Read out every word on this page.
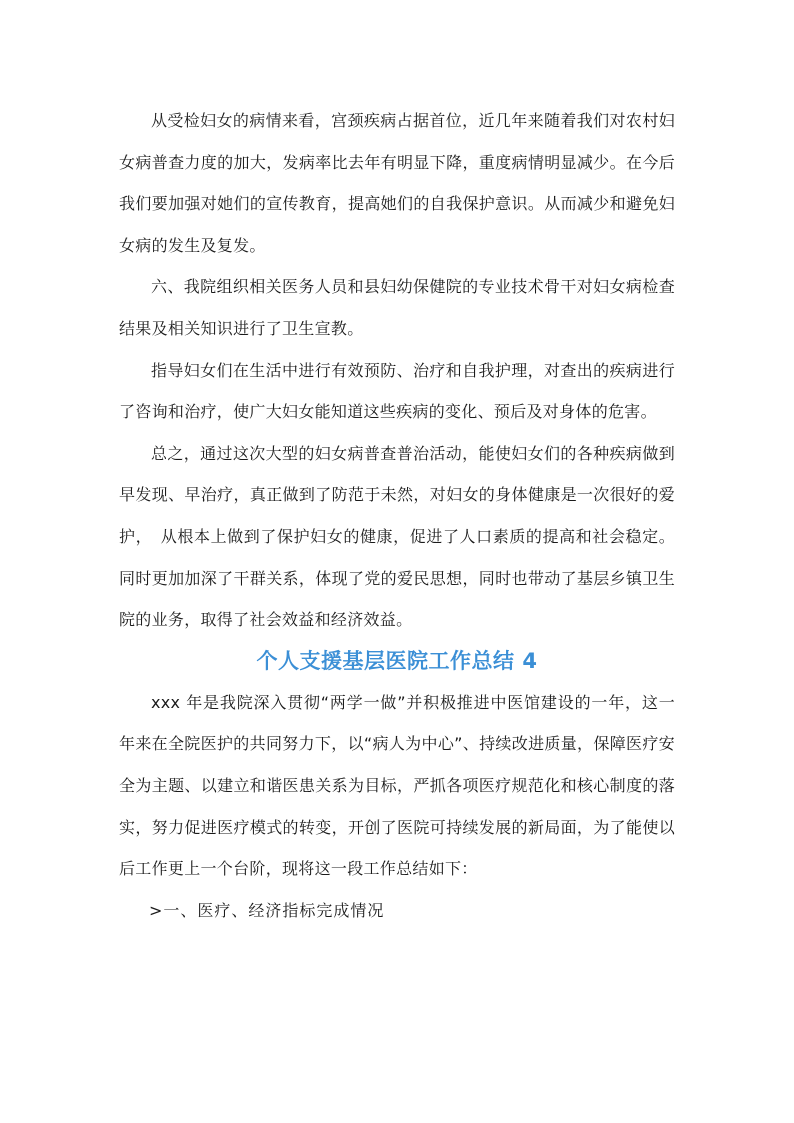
从受检妇女的病情来看，宫颈疾病占据首位，近几年来随着我们对农村妇女病普查力度的加大，发病率比去年有明显下降，重度病情明显减少。在今后我们要加强对她们的宣传教育，提高她们的自我保护意识。从而减少和避免妇女病的发生及复发。

六、我院组织相关医务人员和县妇幼保健院的专业技术骨干对妇女病检查结果及相关知识进行了卫生宣教。

指导妇女们在生活中进行有效预防、治疗和自我护理，对查出的疾病进行了咨询和治疗，使广大妇女能知道这些疾病的变化、预后及对身体的危害。

总之，通过这次大型的妇女病普查普治活动，能使妇女们的各种疾病做到早发现、早治疗，真正做到了防范于未然，对妇女的身体健康是一次很好的爱护，　从根本上做到了保护妇女的健康，促进了人口素质的提高和社会稳定。同时更加加深了干群关系，体现了党的爱民思想，同时也带动了基层乡镇卫生院的业务，取得了社会效益和经济效益。

个人支援基层医院工作总结 4

xxx 年是我院深入贯彻“两学一做”并积极推进中医馆建设的一年，这一年来在全院医护的共同努力下，以“病人为中心”、持续改进质量，保障医疗安全为主题、以建立和谐医患关系为目标，严抓各项医疗规范化和核心制度的落实，努力促进医疗模式的转变，开创了医院可持续发展的新局面，为了能使以后工作更上一个台阶，现将这一段工作总结如下：

>一、医疗、经济指标完成情况
